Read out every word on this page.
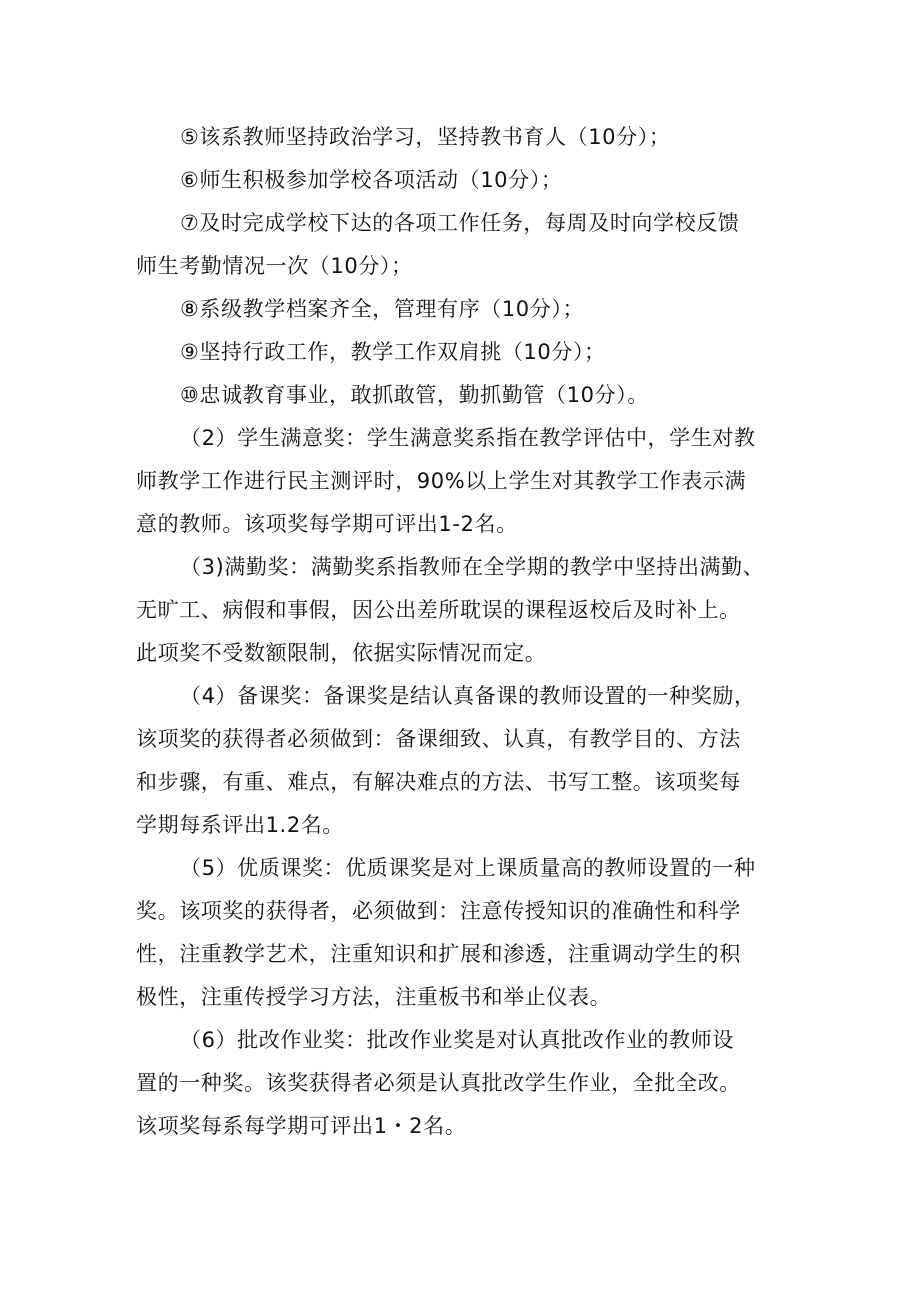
⑤该系教师坚持政治学习，坚持教书育人（10分）；
⑥师生积极参加学校各项活动（10分）；
⑦及时完成学校下达的各项工作任务，每周及时向学校反馈
师生考勤情况一次（10分）；
⑧系级教学档案齐全，管理有序（10分）；
⑨坚持行政工作，教学工作双肩挑（10分）；
⑩忠诚教育事业，敢抓敢管，勤抓勤管（10分）。
（2）学生满意奖：学生满意奖系指在教学评估中，学生对教
师教学工作进行民主测评时，90%以上学生对其教学工作表示满
意的教师。该项奖每学期可评出1-2名。
（3)满勤奖：满勤奖系指教师在全学期的教学中坚持出满勤、
无旷工、病假和事假，因公出差所耽误的课程返校后及时补上。
此项奖不受数额限制，依据实际情况而定。
（4）备课奖：备课奖是结认真备课的教师设置的一种奖励，
该项奖的获得者必须做到：备课细致、认真，有教学目的、方法
和步骤，有重、难点，有解决难点的方法、书写工整。该项奖每
学期每系评出1.2名。
（5）优质课奖：优质课奖是对上课质量高的教师设置的一种
奖。该项奖的获得者，必须做到：注意传授知识的准确性和科学
性，注重教学艺术，注重知识和扩展和渗透，注重调动学生的积
极性，注重传授学习方法，注重板书和举止仪表。
（6）批改作业奖：批改作业奖是对认真批改作业的教师设
置的一种奖。该奖获得者必须是认真批改学生作业，全批全改。
该项奖每系每学期可评出1・2名。
